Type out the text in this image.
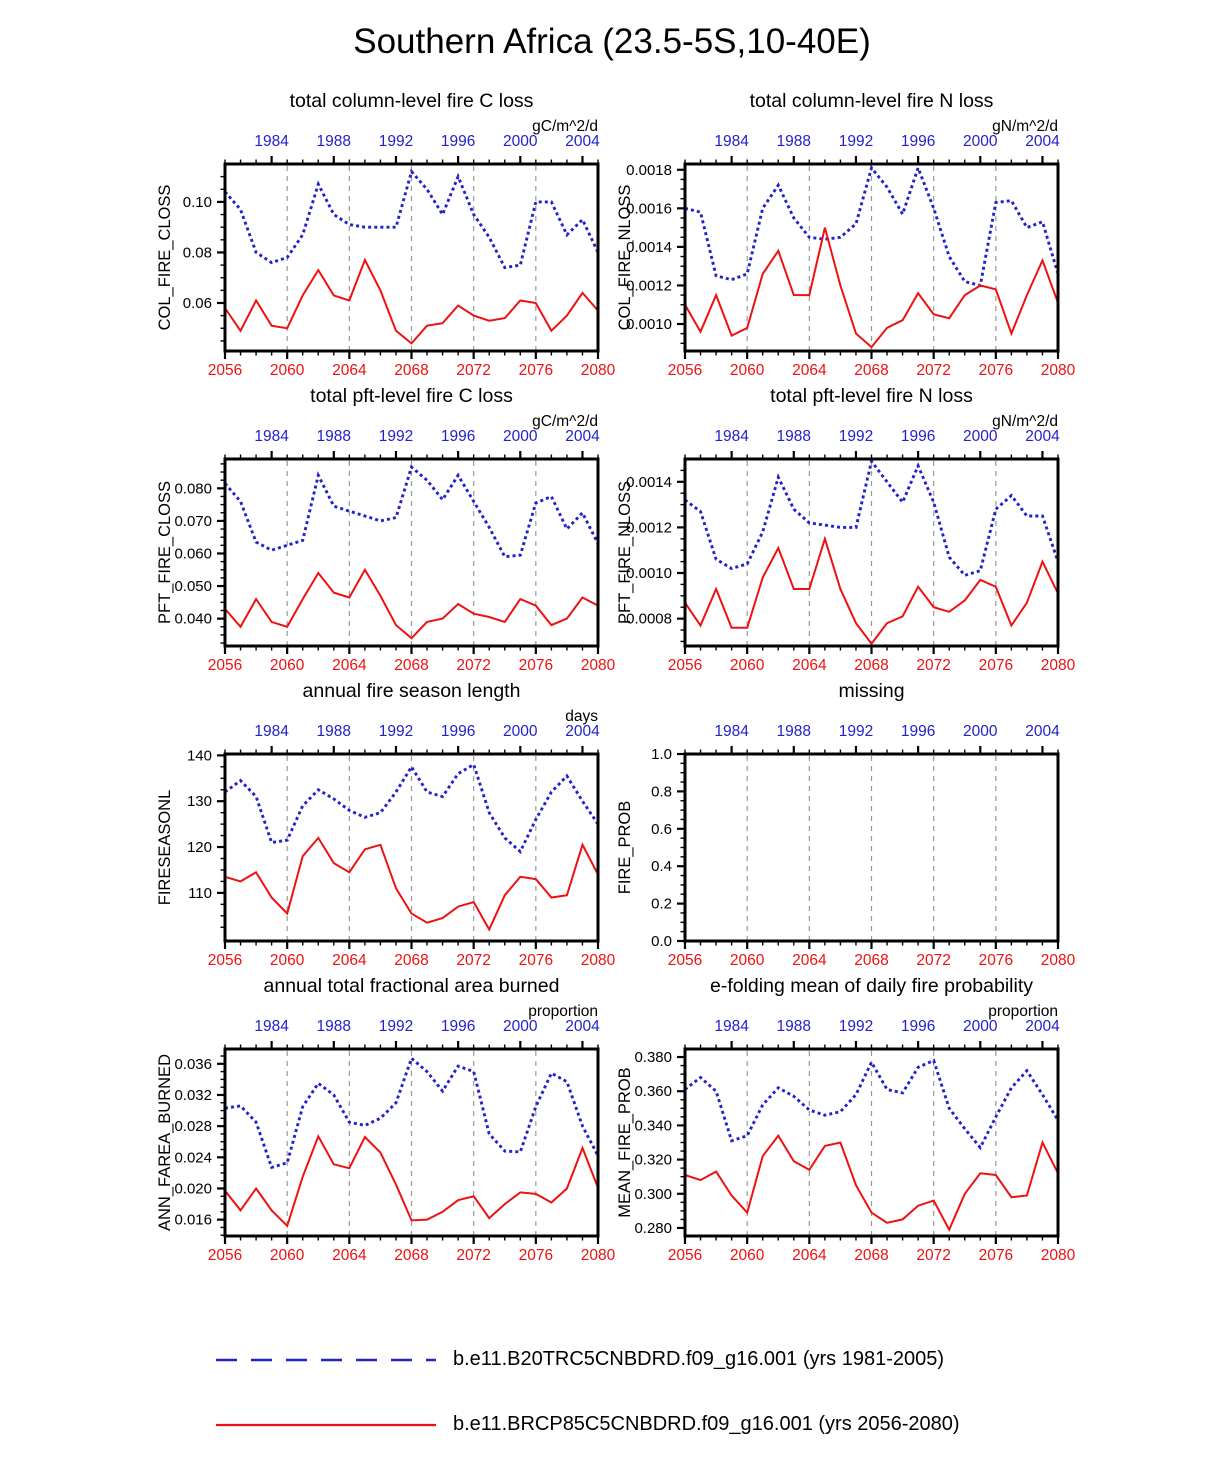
Southern Africa (23.5-5S,10-40E)
2056 2060 2064 2068 2072 2076 2080
1984 1988 1992 1996 2000 2004
0.06
0.08
0.10
total column-level fire C loss
gC/m^2/d
COL_FIRE_CLOSS
2056 2060 2064 2068 2072 2076 2080
1984 1988 1992 1996 2000 2004
0.0010
0.0012
0.0014
0.0016
0.0018
total column-level fire N loss
gN/m^2/d
COL_FIRE_NLOSS
2056 2060 2064 2068 2072 2076 2080
1984 1988 1992 1996 2000 2004
0.040
0.050
0.060
0.070
0.080
total pft-level fire C loss
gC/m^2/d
PFT_FIRE_CLOSS
2056 2060 2064 2068 2072 2076 2080
1984 1988 1992 1996 2000 2004
0.0008
0.0010
0.0012
0.0014
total pft-level fire N loss
gN/m^2/d
PFT_FIRE_NLOSS
2056 2060 2064 2068 2072 2076 2080
1984 1988 1992 1996 2000 2004
110
120
130
140
annual fire season length
days
FIRESEASONL
2056 2060 2064 2068 2072 2076 2080
1984 1988 1992 1996 2000 2004
0.0
0.2
0.4
0.6
0.8
1.0
missing
FIRE_PROB
2056 2060 2064 2068 2072 2076 2080
1984 1988 1992 1996 2000 2004
0.016
0.020
0.024
0.028
0.032
0.036
annual total fractional area burned
proportion
ANN_FAREA_BURNED
2056 2060 2064 2068 2072 2076 2080
1984 1988 1992 1996 2000 2004
0.280
0.300
0.320
0.340
0.360
0.380
e-folding mean of daily fire probability
proportion
MEAN_FIRE_PROB
b.e11.B20TRC5CNBDRD.f09_g16.001 (yrs 1981-2005)
b.e11.BRCP85C5CNBDRD.f09_g16.001 (yrs 2056-2080)
